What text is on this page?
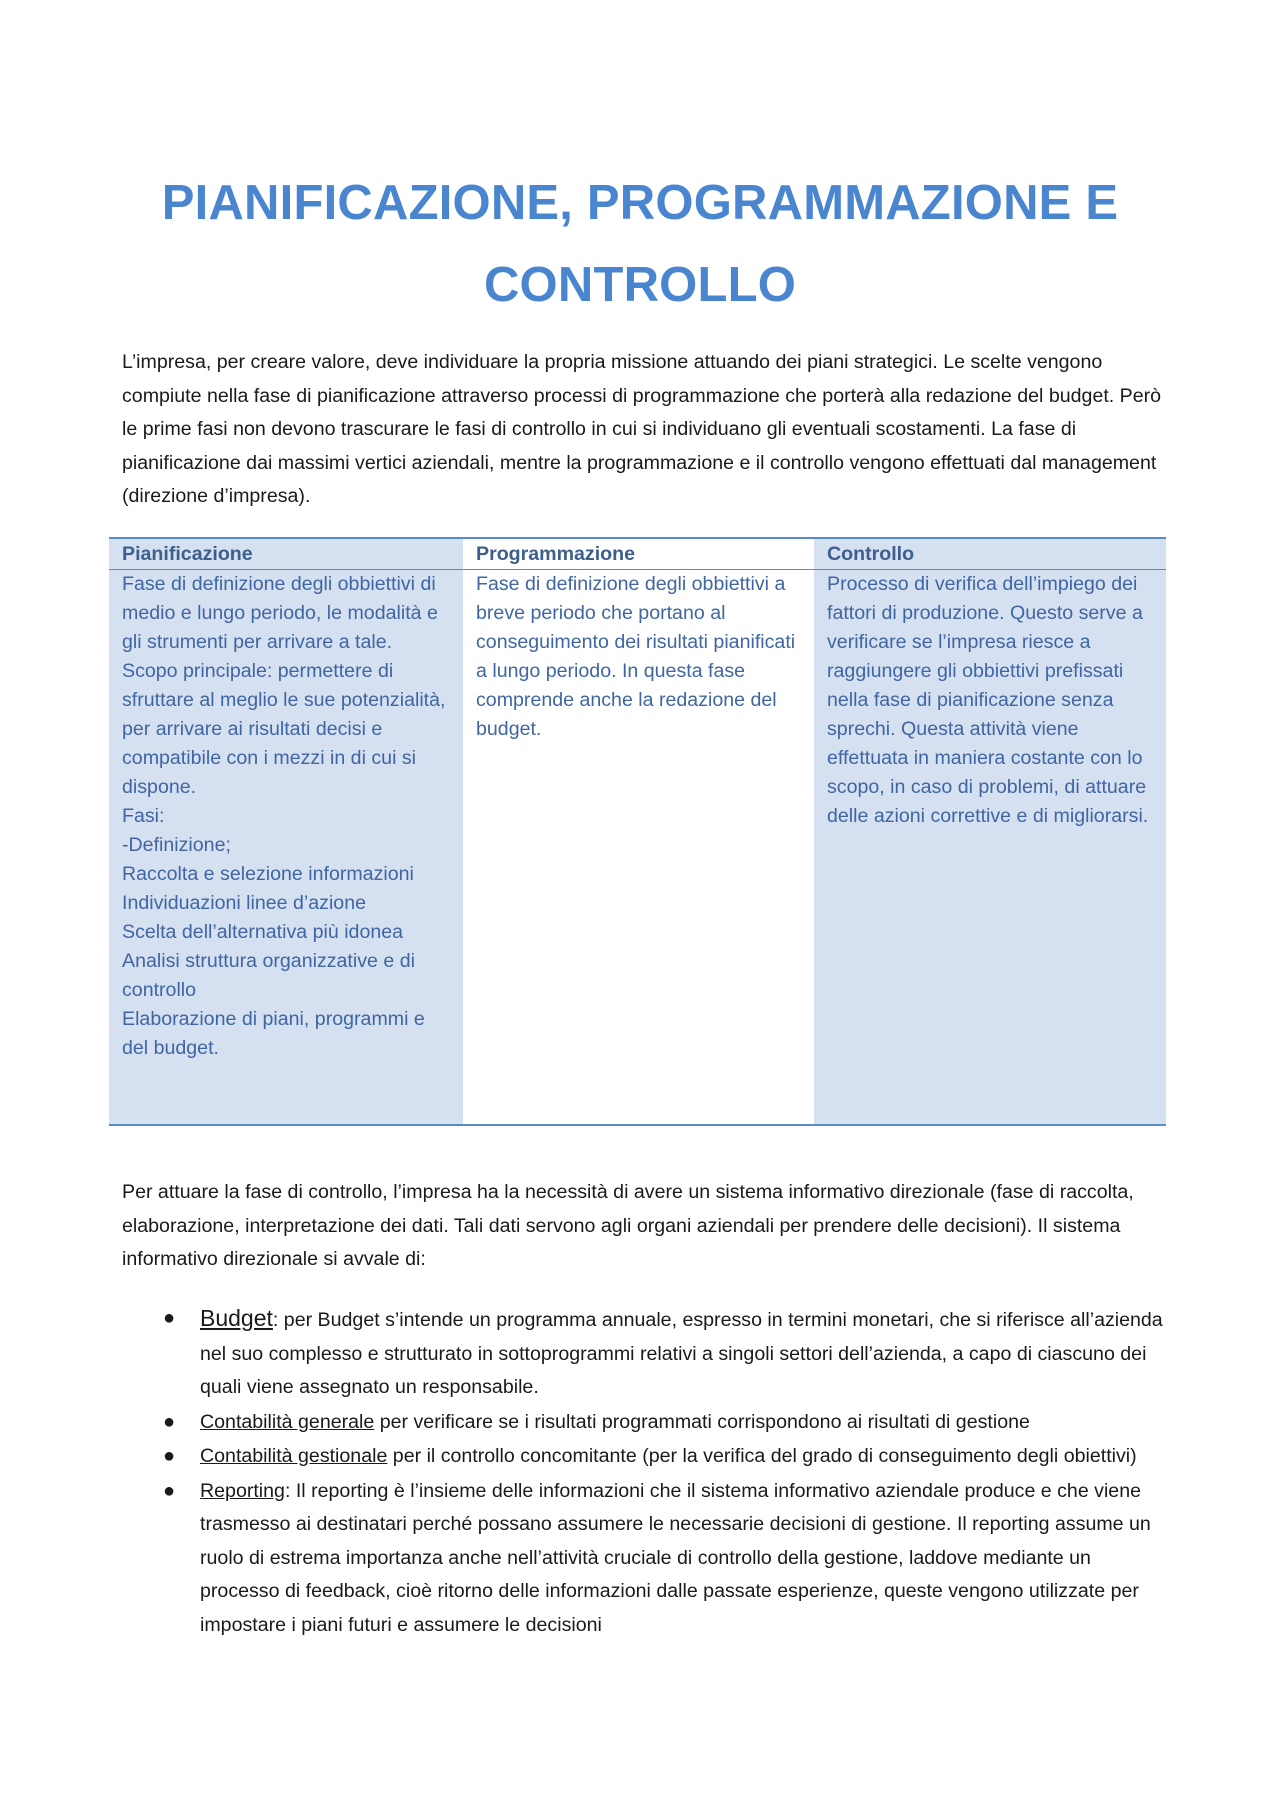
PIANIFICAZIONE, PROGRAMMAZIONE E CONTROLLO

L’impresa, per creare valore, deve individuare la propria missione attuando dei piani strategici. Le scelte vengono compiute nella fase di pianificazione attraverso processi di programmazione che porterà alla redazione del budget. Però le prime fasi non devono trascurare le fasi di controllo in cui si individuano gli eventuali scostamenti. La fase di pianificazione dai massimi vertici aziendali, mentre la programmazione e il controllo vengono effettuati dal management (direzione d’impresa).

Pianificazione
Fase di definizione degli obbiettivi di medio e lungo periodo, le modalità e gli strumenti per arrivare a tale.
Scopo principale: permettere di sfruttare al meglio le sue potenzialità, per arrivare ai risultati decisi e compatibile con i mezzi in di cui si dispone.
Fasi:
-Definizione;
Raccolta e selezione informazioni
Individuazioni linee d’azione
Scelta dell’alternativa più idonea
Analisi struttura organizzative e di controllo
Elaborazione di piani, programmi e del budget.
Programmazione
Fase di definizione degli obbiettivi a breve periodo che portano al conseguimento dei risultati pianificati a lungo periodo. In questa fase comprende anche la redazione del budget.
Controllo
Processo di verifica dell’impiego dei fattori di produzione. Questo serve a verificare se l’impresa riesce a raggiungere gli obbiettivi prefissati nella fase di pianificazione senza sprechi. Questa attività viene effettuata in maniera costante con lo scopo, in caso di problemi, di attuare delle azioni correttive e di migliorarsi.

Per attuare la fase di controllo, l’impresa ha la necessità di avere un sistema informativo direzionale (fase di raccolta, elaborazione, interpretazione dei dati. Tali dati servono agli organi aziendali per prendere delle decisioni). Il sistema informativo direzionale si avvale di:

● Budget: per Budget s’intende un programma annuale, espresso in termini monetari, che si riferisce all’azienda nel suo complesso e strutturato in sottoprogrammi relativi a singoli settori dell’azienda, a capo di ciascuno dei quali viene assegnato un responsabile.
● Contabilità generale per verificare se i risultati programmati corrispondono ai risultati di gestione
● Contabilità gestionale per il controllo concomitante (per la verifica del grado di conseguimento degli obiettivi)
● Reporting: Il reporting è l’insieme delle informazioni che il sistema informativo aziendale produce e che viene trasmesso ai destinatari perché possano assumere le necessarie decisioni di gestione. Il reporting assume un ruolo di estrema importanza anche nell’attività cruciale di controllo della gestione, laddove mediante un processo di feedback, cioè ritorno delle informazioni dalle passate esperienze, queste vengono utilizzate per impostare i piani futuri e assumere le decisioni
